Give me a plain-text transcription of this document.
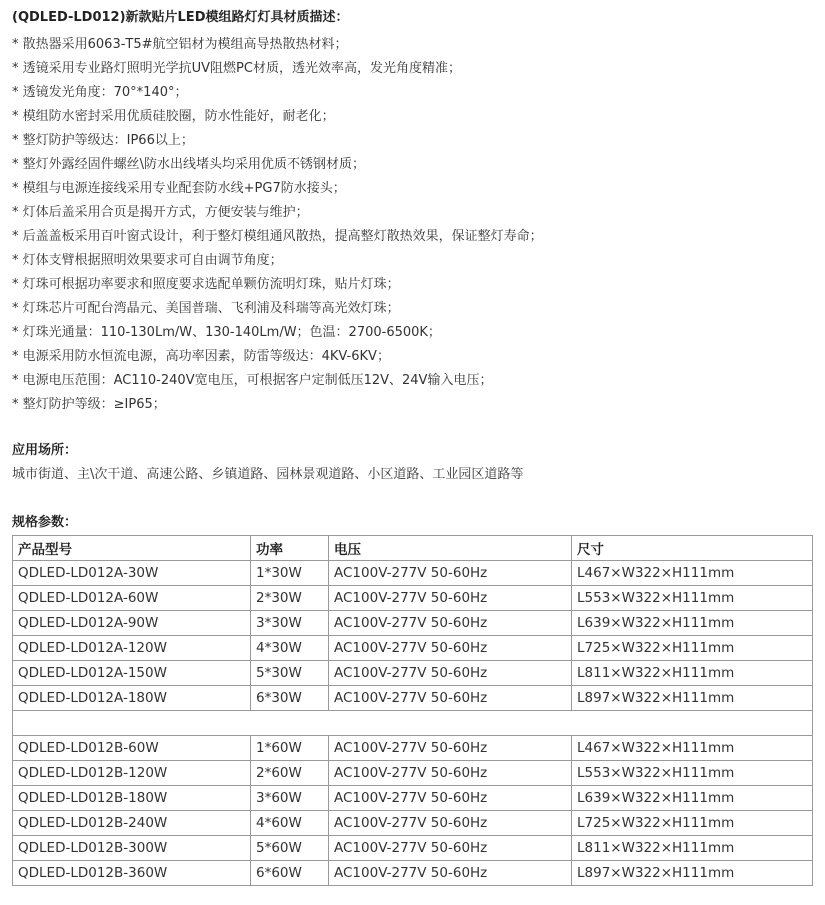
(QDLED-LD012)新款贴片LED模组路灯灯具材质描述：
* 散热器采用6063-T5#航空铝材为模组高导热散热材料；
* 透镜采用专业路灯照明光学抗UV阻燃PC材质，透光效率高，发光角度精准；
* 透镜发光角度：70°*140°；
* 模组防水密封采用优质硅胶圈，防水性能好，耐老化；
* 整灯防护等级达：IP66以上；
* 整灯外露经固件螺丝\防水出线堵头均采用优质不锈钢材质；
* 模组与电源连接线采用专业配套防水线+PG7防水接头；
* 灯体后盖采用合页是揭开方式，方便安装与维护；
* 后盖盖板采用百叶窗式设计，利于整灯模组通风散热，提高整灯散热效果，保证整灯寿命；
* 灯体支臂根据照明效果要求可自由调节角度；
* 灯珠可根据功率要求和照度要求选配单颗仿流明灯珠，贴片灯珠；
* 灯珠芯片可配台湾晶元、美国普瑞、飞利浦及科瑞等高光效灯珠；
* 灯珠光通量：110-130Lm/W、130-140Lm/W；色温：2700-6500K；
* 电源采用防水恒流电源，高功率因素，防雷等级达：4KV-6KV；
* 电源电压范围：AC110-240V宽电压，可根据客户定制低压12V、24V输入电压；
* 整灯防护等级：≥IP65；
应用场所：
城市街道、主\次干道、高速公路、乡镇道路、园林景观道路、小区道路、工业园区道路等
规格参数：
产品型号	功率	电压	尺寸
QDLED-LD012A-30W	1*30W	AC100V-277V 50-60Hz	L467×W322×H111mm
QDLED-LD012A-60W	2*30W	AC100V-277V 50-60Hz	L553×W322×H111mm
QDLED-LD012A-90W	3*30W	AC100V-277V 50-60Hz	L639×W322×H111mm
QDLED-LD012A-120W	4*30W	AC100V-277V 50-60Hz	L725×W322×H111mm
QDLED-LD012A-150W	5*30W	AC100V-277V 50-60Hz	L811×W322×H111mm
QDLED-LD012A-180W	6*30W	AC100V-277V 50-60Hz	L897×W322×H111mm

QDLED-LD012B-60W	1*60W	AC100V-277V 50-60Hz	L467×W322×H111mm
QDLED-LD012B-120W	2*60W	AC100V-277V 50-60Hz	L553×W322×H111mm
QDLED-LD012B-180W	3*60W	AC100V-277V 50-60Hz	L639×W322×H111mm
QDLED-LD012B-240W	4*60W	AC100V-277V 50-60Hz	L725×W322×H111mm
QDLED-LD012B-300W	5*60W	AC100V-277V 50-60Hz	L811×W322×H111mm
QDLED-LD012B-360W	6*60W	AC100V-277V 50-60Hz	L897×W322×H111mm
